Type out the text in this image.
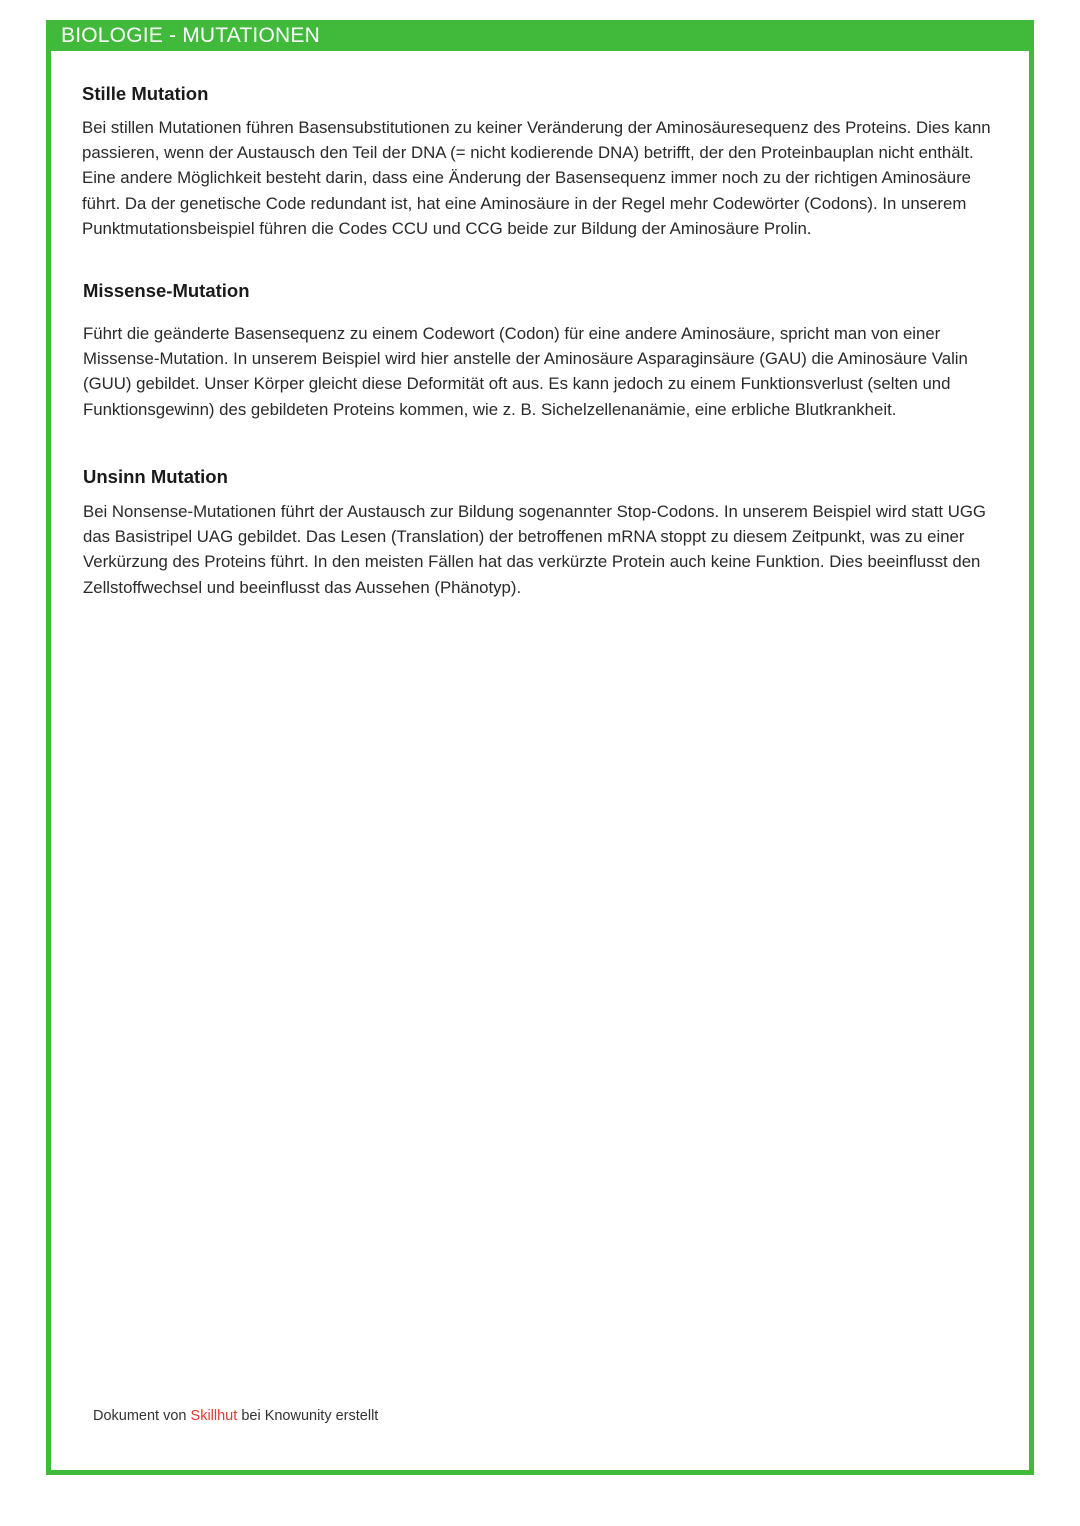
BIOLOGIE - MUTATIONEN
Stille Mutation

Bei stillen Mutationen führen Basensubstitutionen zu keiner Veränderung der Aminosäuresequenz des Proteins. Dies kann passieren, wenn der Austausch den Teil der DNA (= nicht kodierende DNA) betrifft, der den Proteinbauplan nicht enthält. Eine andere Möglichkeit besteht darin, dass eine Änderung der Basensequenz immer noch zu der richtigen Aminosäure führt. Da der genetische Code redundant ist, hat eine Aminosäure in der Regel mehr Codewörter (Codons). In unserem Punktmutationsbeispiel führen die Codes CCU und CCG beide zur Bildung der Aminosäure Prolin.

Missense-Mutation

Führt die geänderte Basensequenz zu einem Codewort (Codon) für eine andere Aminosäure, spricht man von einer Missense-Mutation. In unserem Beispiel wird hier anstelle der Aminosäure Asparaginsäure (GAU) die Aminosäure Valin (GUU) gebildet. Unser Körper gleicht diese Deformität oft aus. Es kann jedoch zu einem Funktionsverlust (selten und Funktionsgewinn) des gebildeten Proteins kommen, wie z. B. Sichelzellenanämie, eine erbliche Blutkrankheit.

Unsinn Mutation

Bei Nonsense-Mutationen führt der Austausch zur Bildung sogenannter Stop-Codons. In unserem Beispiel wird statt UGG das Basistripel UAG gebildet. Das Lesen (Translation) der betroffenen mRNA stoppt zu diesem Zeitpunkt, was zu einer Verkürzung des Proteins führt. In den meisten Fällen hat das verkürzte Protein auch keine Funktion. Dies beeinflusst den Zellstoffwechsel und beeinflusst das Aussehen (Phänotyp).

Dokument von Skillhut bei Knowunity erstellt
